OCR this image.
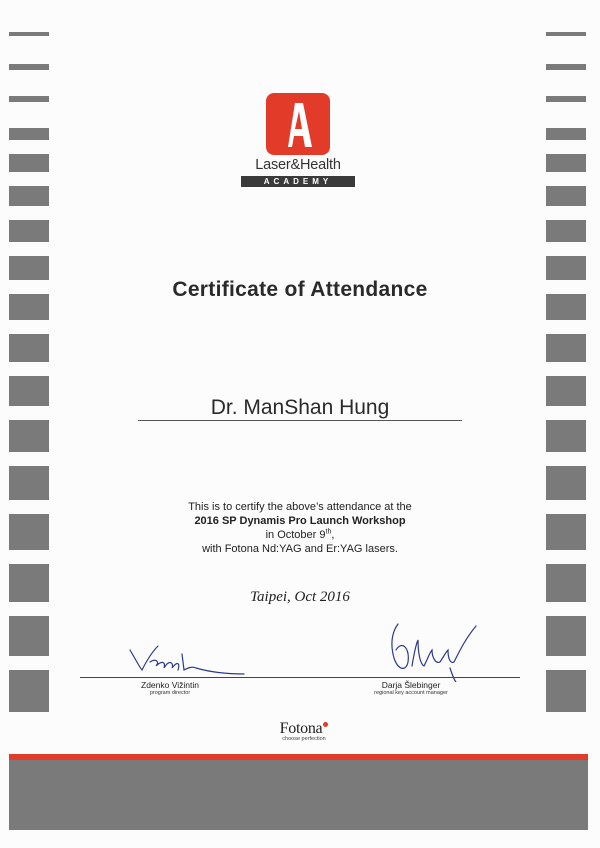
Laser&Health
ACADEMY
Certificate of Attendance
Dr. ManShan Hung
This is to certify the above’s attendance at the
2016 SP Dynamis Pro Launch Workshop
in October 9th,
with Fotona Nd:YAG and Er:YAG lasers.
Taipei, Oct 2016
Zdenko Vižintin
program director
Darja Šlebinger
regional key account manager
Fotona
choose perfection
